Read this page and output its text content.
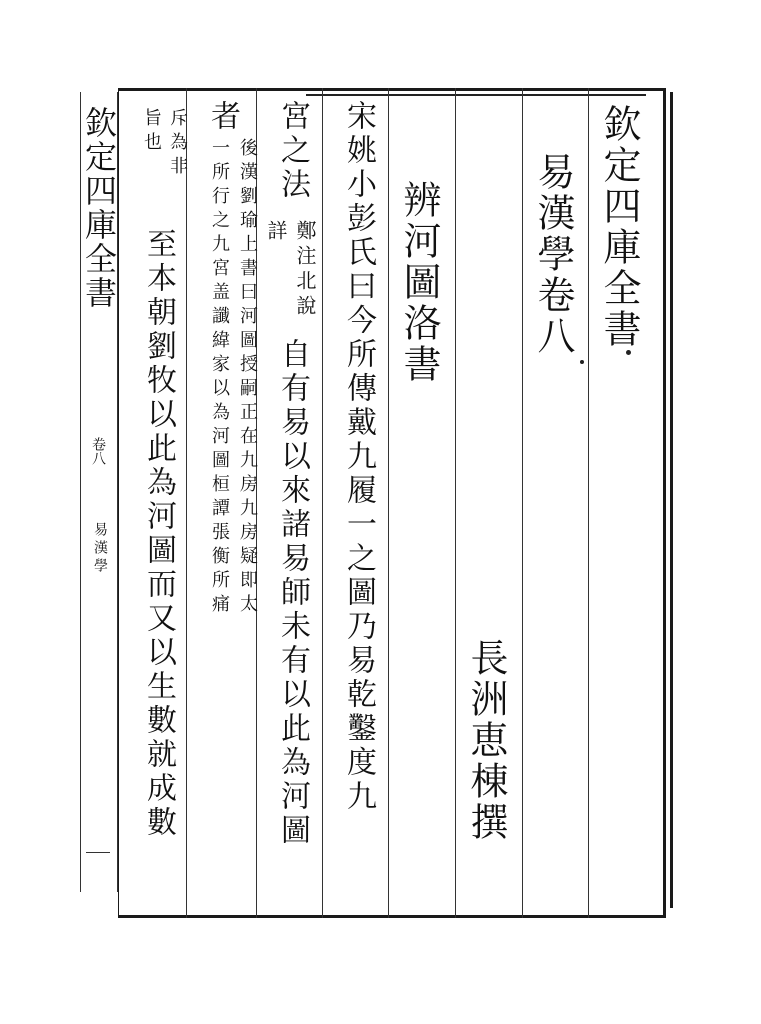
欽定四庫全書
卷八
易漢學
欽定四庫全書
易漢學卷八
長洲恵棟撰
辨河圖洛書
宋姚小彭氏曰今所傳戴九履一之圖乃易乾鑿度九
宮之法
鄭注北說詳
自有易以來諸易師未有以此為河圖
者
後漢劉瑜上書曰河圖授嗣正在九房九房疑即太
一所行之九宮盖讖緯家以為河圖桓譚張衡所痛
斥為非
旨也
至本朝劉牧以此為河圖而又以生數就成數
